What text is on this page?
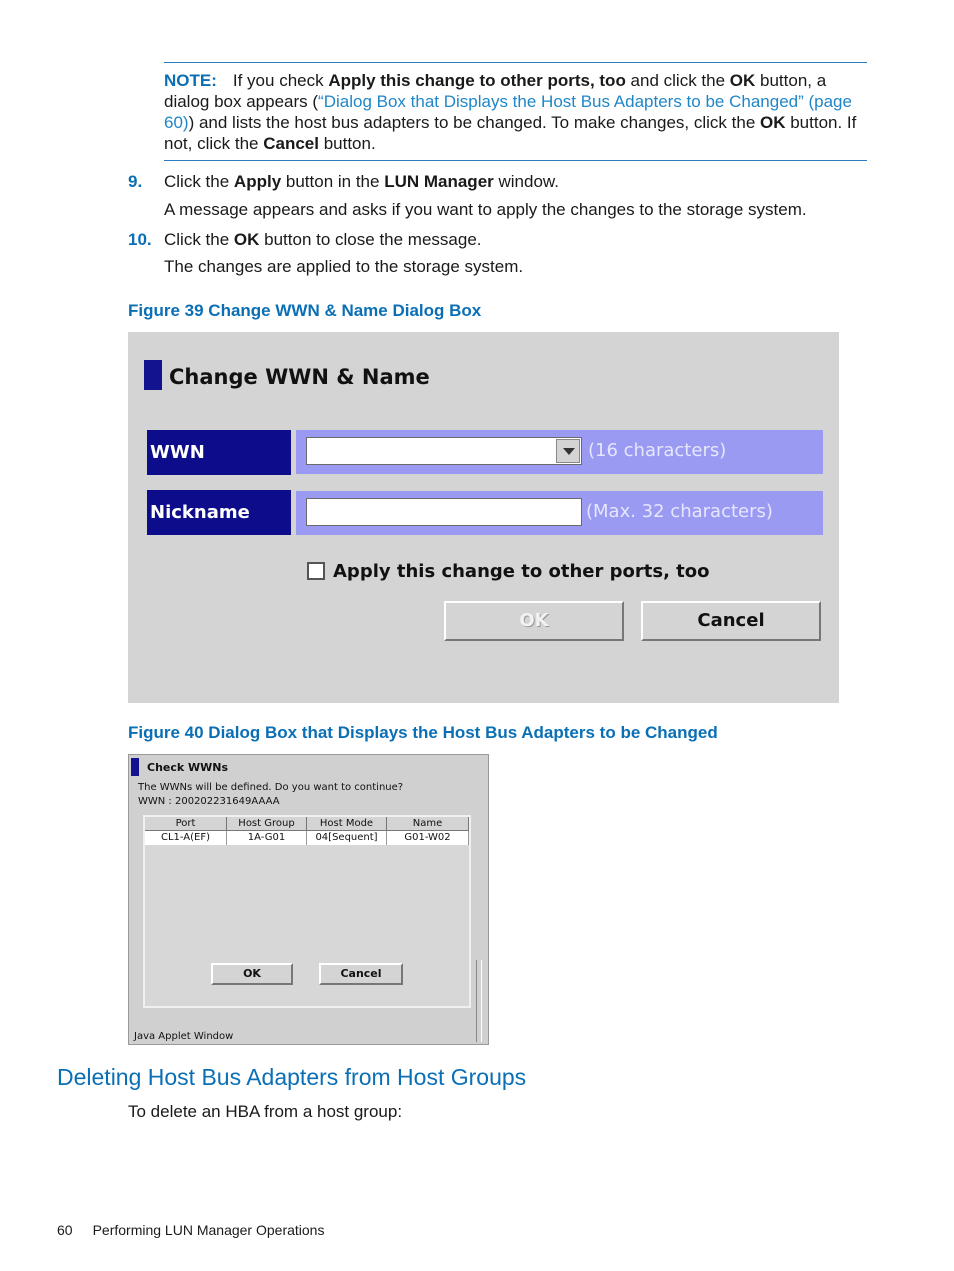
NOTE: If you check Apply this change to other ports, too and click the OK button, a dialog box appears (“Dialog Box that Displays the Host Bus Adapters to be Changed” (page 60)) and lists the host bus adapters to be changed. To make changes, click the OK button. If not, click the Cancel button.
9. Click the Apply button in the LUN Manager window.
A message appears and asks if you want to apply the changes to the storage system.
10. Click the OK button to close the message.
The changes are applied to the storage system.
Figure 39 Change WWN & Name Dialog Box
Change WWN & Name
WWN	(16 characters)
Nickname	(Max. 32 characters)
Apply this change to other ports, too
OK	Cancel
Figure 40 Dialog Box that Displays the Host Bus Adapters to be Changed
Check WWNs
The WWNs will be defined. Do you want to continue?
WWN : 200202231649AAAA
Port	Host Group	Host Mode	Name
CL1-A(EF)	1A-G01	04[Sequent]	G01-W02
OK	Cancel
Java Applet Window
Deleting Host Bus Adapters from Host Groups
To delete an HBA from a host group:
60 Performing LUN Manager Operations
